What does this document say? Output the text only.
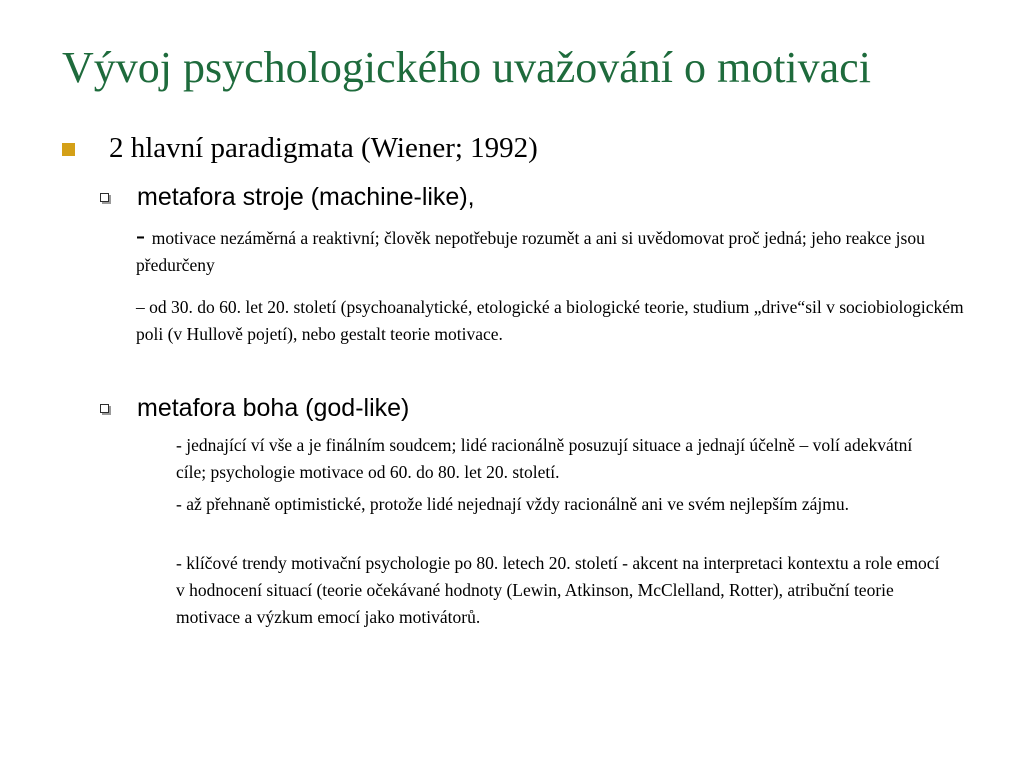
Vývoj psychologického uvažování o motivaci
2 hlavní paradigmata (Wiener; 1992)
metafora stroje (machine-like),
- motivace nezáměrná a reaktivní; člověk nepotřebuje rozumět a ani si uvědomovat proč jedná; jeho reakce jsou předurčeny
– od 30. do 60. let 20. století (psychoanalytické, etologické a biologické teorie, studium „drive“sil v sociobiologickém poli (v Hullově pojetí), nebo gestalt teorie motivace.
metafora boha (god-like)
- jednající ví vše a je finálním soudcem; lidé racionálně posuzují situace a jednají účelně – volí adekvátní cíle; psychologie motivace od 60. do 80. let 20. století.
- až přehnaně optimistické, protože lidé nejednají vždy racionálně ani ve svém nejlepším zájmu.
- klíčové trendy motivační psychologie po 80. letech 20. století - akcent na interpretaci kontextu a role emocí v hodnocení situací (teorie očekávané hodnoty (Lewin, Atkinson, McClelland, Rotter), atribuční teorie motivace a výzkum emocí jako motivátorů.
